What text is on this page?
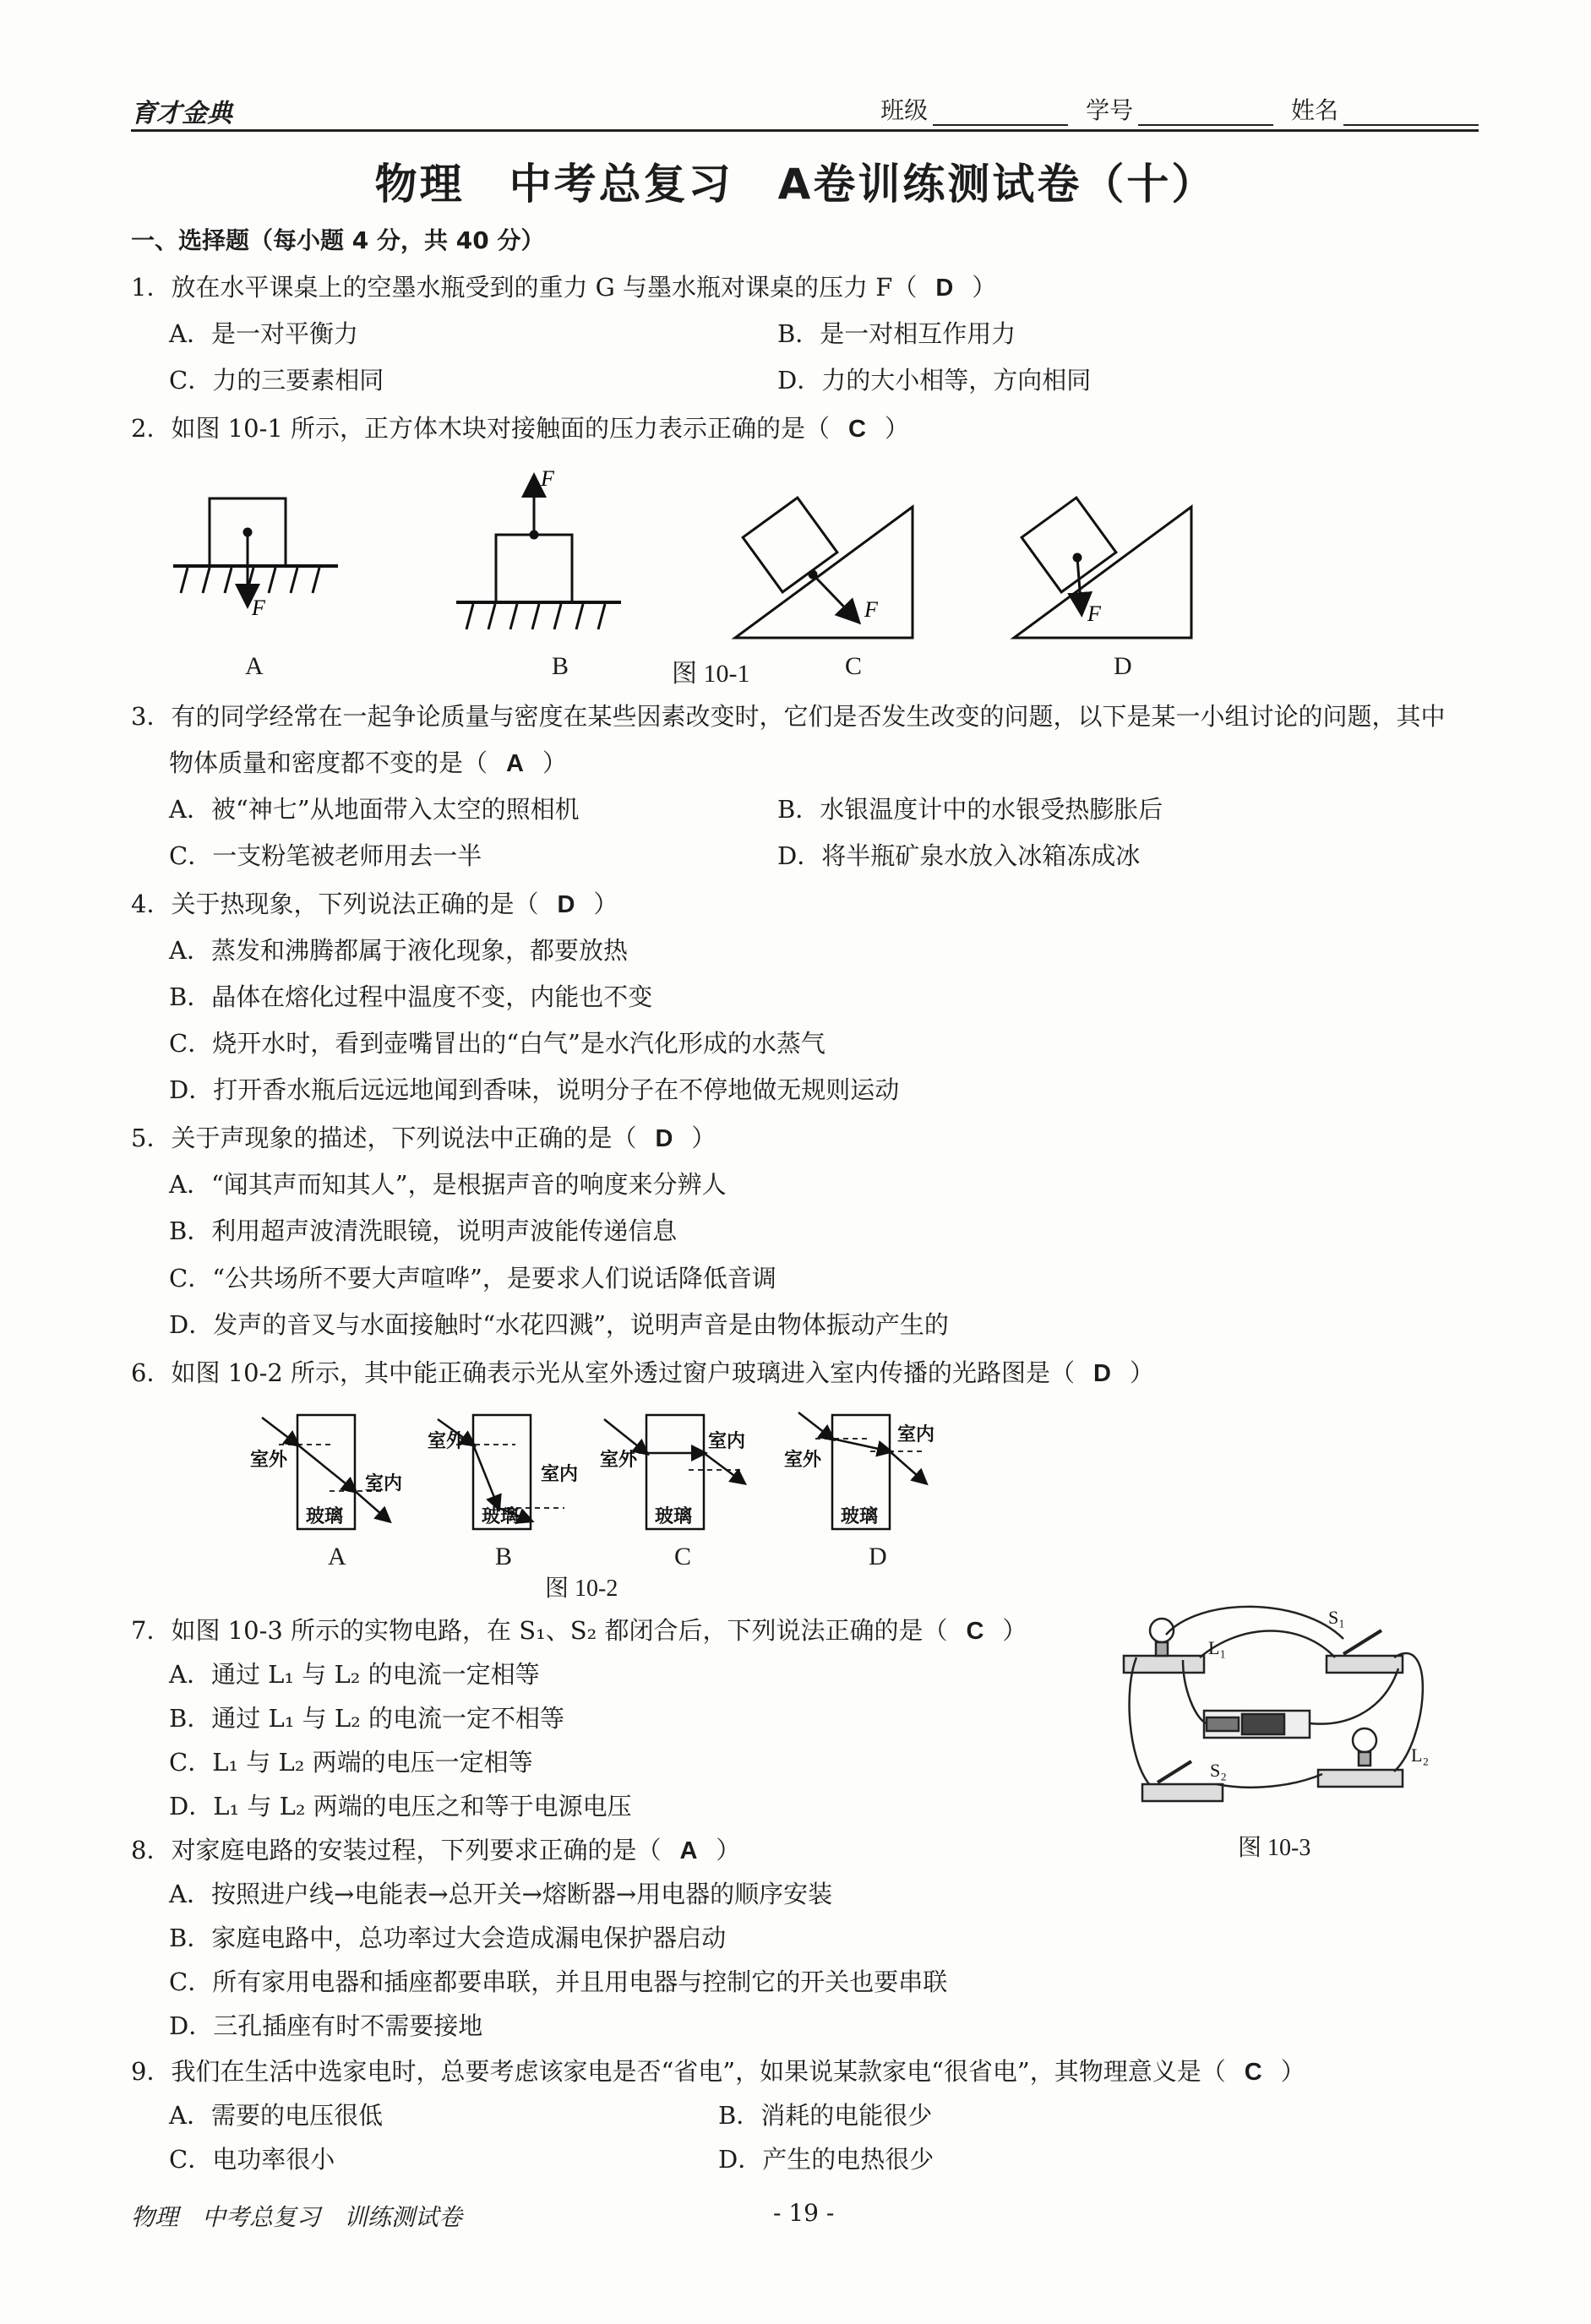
育才金典	班级	学号	姓名
物理　中考总复习　A卷训练测试卷（十）
一、选择题（每小题 4 分，共 40 分）
1．放在水平课桌上的空墨水瓶受到的重力 G 与墨水瓶对课桌的压力 F（ D ）
A．是一对平衡力	B．是一对相互作用力
C．力的三要素相同	D．力的大小相等，方向相同
2．如图 10-1 所示，正方体木块对接触面的压力表示正确的是（ C ）
F
F
F	F
A	B	图 10-1	C	D
3．有的同学经常在一起争论质量与密度在某些因素改变时，它们是否发生改变的问题，以下是某一小组讨论的问题，其中
物体质量和密度都不变的是（ A ）
A．被“神七”从地面带入太空的照相机	B．水银温度计中的水银受热膨胀后
C．一支粉笔被老师用去一半	D．将半瓶矿泉水放入冰箱冻成冰
4．关于热现象，下列说法正确的是（ D ）
A．蒸发和沸腾都属于液化现象，都要放热
B．晶体在熔化过程中温度不变，内能也不变
C．烧开水时，看到壶嘴冒出的“白气”是水汽化形成的水蒸气
D．打开香水瓶后远远地闻到香味，说明分子在不停地做无规则运动
5．关于声现象的描述，下列说法中正确的是（ D ）
A．“闻其声而知其人”，是根据声音的响度来分辨人
B．利用超声波清洗眼镜，说明声波能传递信息
C．“公共场所不要大声喧哗”，是要求人们说话降低音调
D．发声的音叉与水面接触时“水花四溅”，说明声音是由物体振动产生的
6．如图 10-2 所示，其中能正确表示光从室外透过窗户玻璃进入室内传播的光路图是（ D ）
室外
室内
玻璃
室外
室内
玻璃
室外
室内
玻璃
室外
室内
玻璃
A	B	C	D
图 10-2
7．如图 10-3 所示的实物电路，在 S₁、S₂ 都闭合后，下列说法正确的是（ C ）
A．通过 L₁ 与 L₂ 的电流一定相等
B．通过 L₁ 与 L₂ 的电流一定不相等
C．L₁ 与 L₂ 两端的电压一定相等
D．L₁ 与 L₂ 两端的电压之和等于电源电压
L₁
S₁
S₂
L₂
图 10-3
8．对家庭电路的安装过程，下列要求正确的是（ A ）
A．按照进户线→电能表→总开关→熔断器→用电器的顺序安装
B．家庭电路中，总功率过大会造成漏电保护器启动
C．所有家用电器和插座都要串联，并且用电器与控制它的开关也要串联
D．三孔插座有时不需要接地
9．我们在生活中选家电时，总要考虑该家电是否“省电”，如果说某款家电“很省电”，其物理意义是（ C ）
A．需要的电压很低	B．消耗的电能很少
C．电功率很小	D．产生的电热很少
物理　中考总复习　训练测试卷	- 19 -
